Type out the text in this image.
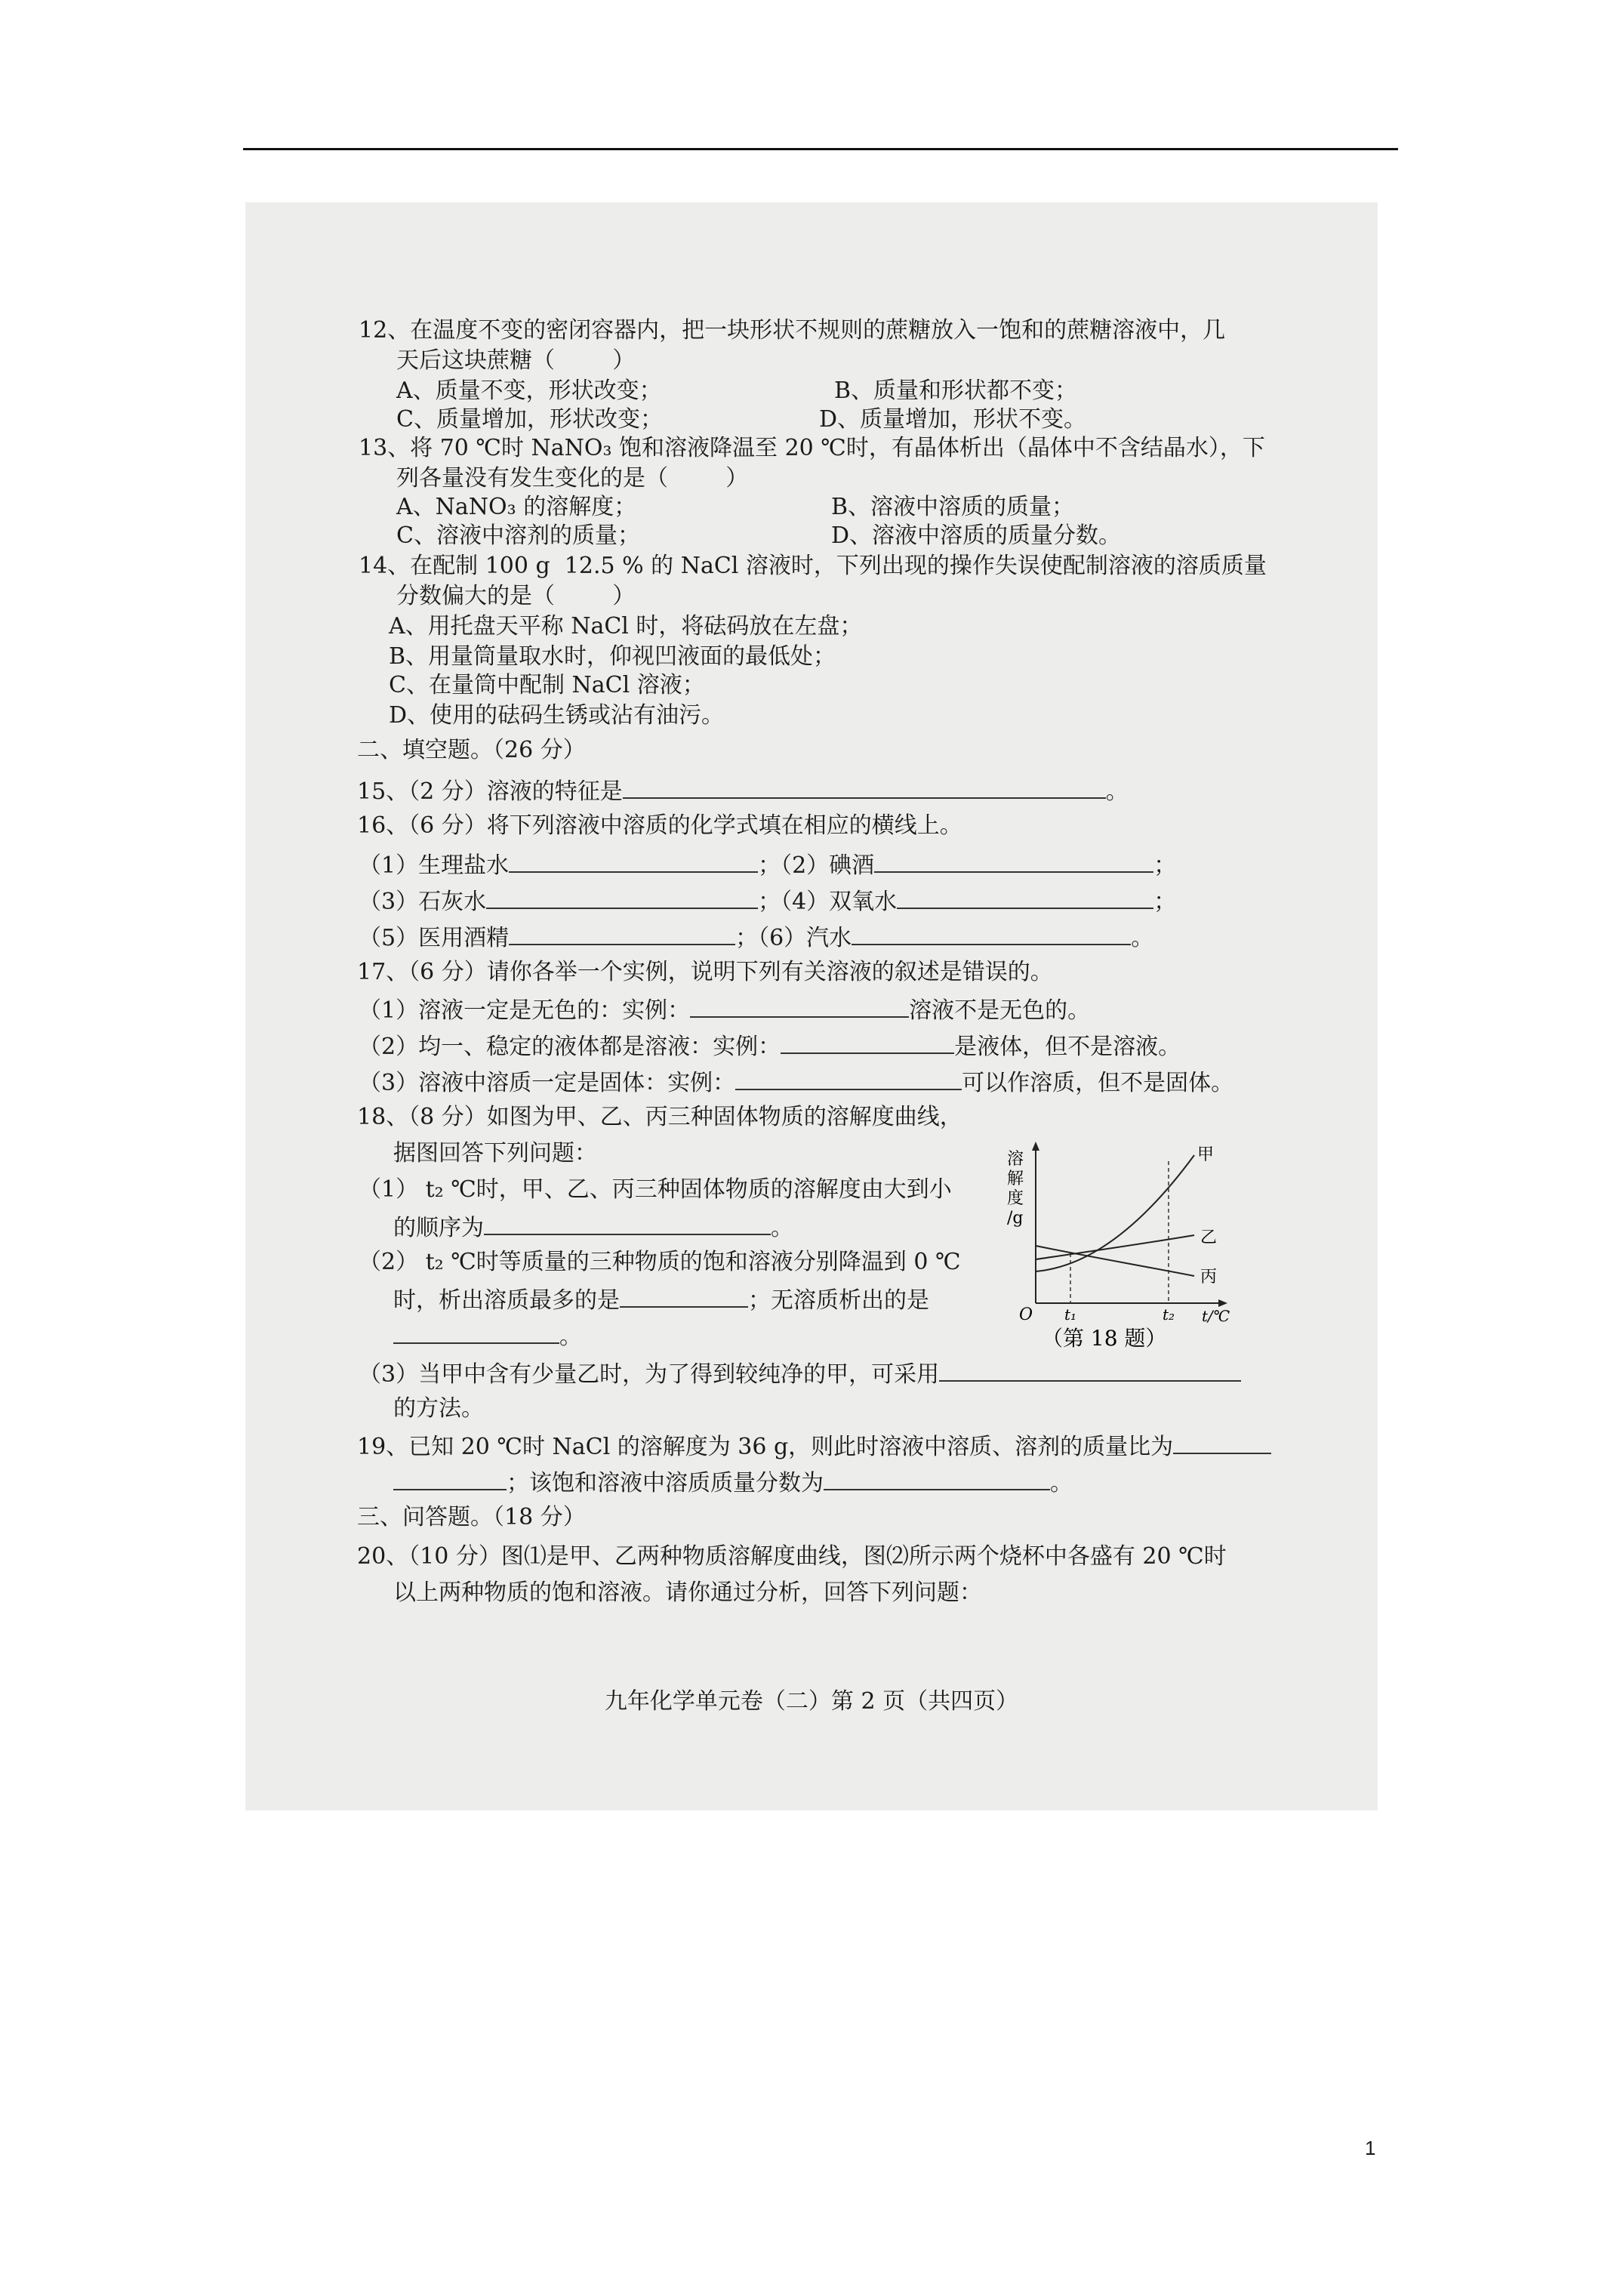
12、在温度不变的密闭容器内，把一块形状不规则的蔗糖放入一饱和的蔗糖溶液中，几
天后这块蔗糖（        ）
A、质量不变，形状改变；	B、质量和形状都不变；
C、质量增加，形状改变；	D、质量增加，形状不变。
13、将 70 ℃时 NaNO₃ 饱和溶液降温至 20 ℃时，有晶体析出（晶体中不含结晶水），下
列各量没有发生变化的是（        ）
A、NaNO₃ 的溶解度；	B、溶液中溶质的质量；
C、溶液中溶剂的质量；	D、溶液中溶质的质量分数。
14、在配制 100 g  12.5 % 的 NaCl 溶液时，下列出现的操作失误使配制溶液的溶质质量
分数偏大的是（        ）
A、用托盘天平称 NaCl 时，将砝码放在左盘；
B、用量筒量取水时，仰视凹液面的最低处；
C、在量筒中配制 NaCl 溶液；
D、使用的砝码生锈或沾有油污。
二、填空题。（26 分）
15、（2 分）溶液的特征是	。
16、（6 分）将下列溶液中溶质的化学式填在相应的横线上。
（1）生理盐水	；（2）碘酒	；
（3）石灰水	；（4）双氧水	；
（5）医用酒精	；（6）汽水	。
17、（6 分）请你各举一个实例，说明下列有关溶液的叙述是错误的。
（1）溶液一定是无色的：实例：	溶液不是无色的。
（2）均一、稳定的液体都是溶液：实例：	是液体，但不是溶液。
（3）溶液中溶质一定是固体：实例：	可以作溶质，但不是固体。
18、（8 分）如图为甲、乙、丙三种固体物质的溶解度曲线，
据图回答下列问题：
（1） t₂ ℃时，甲、乙、丙三种固体物质的溶解度由大到小
的顺序为	。
（2） t₂ ℃时等质量的三种物质的饱和溶液分别降温到 0 ℃
时，析出溶质最多的是	；无溶质析出的是
。
（3）当甲中含有少量乙时，为了得到较纯净的甲，可采用
的方法。
溶
解
度
/g
甲
乙
丙
O t₁	t₂ t/℃
（第 18 题）
19、已知 20 ℃时 NaCl 的溶解度为 36 g，则此时溶液中溶质、溶剂的质量比为
；该饱和溶液中溶质质量分数为	。
三、问答题。（18 分）
20、（10 分）图⑴是甲、乙两种物质溶解度曲线，图⑵所示两个烧杯中各盛有 20 ℃时
以上两种物质的饱和溶液。请你通过分析，回答下列问题：
九年化学单元卷（二）第 2 页（共四页）
1
